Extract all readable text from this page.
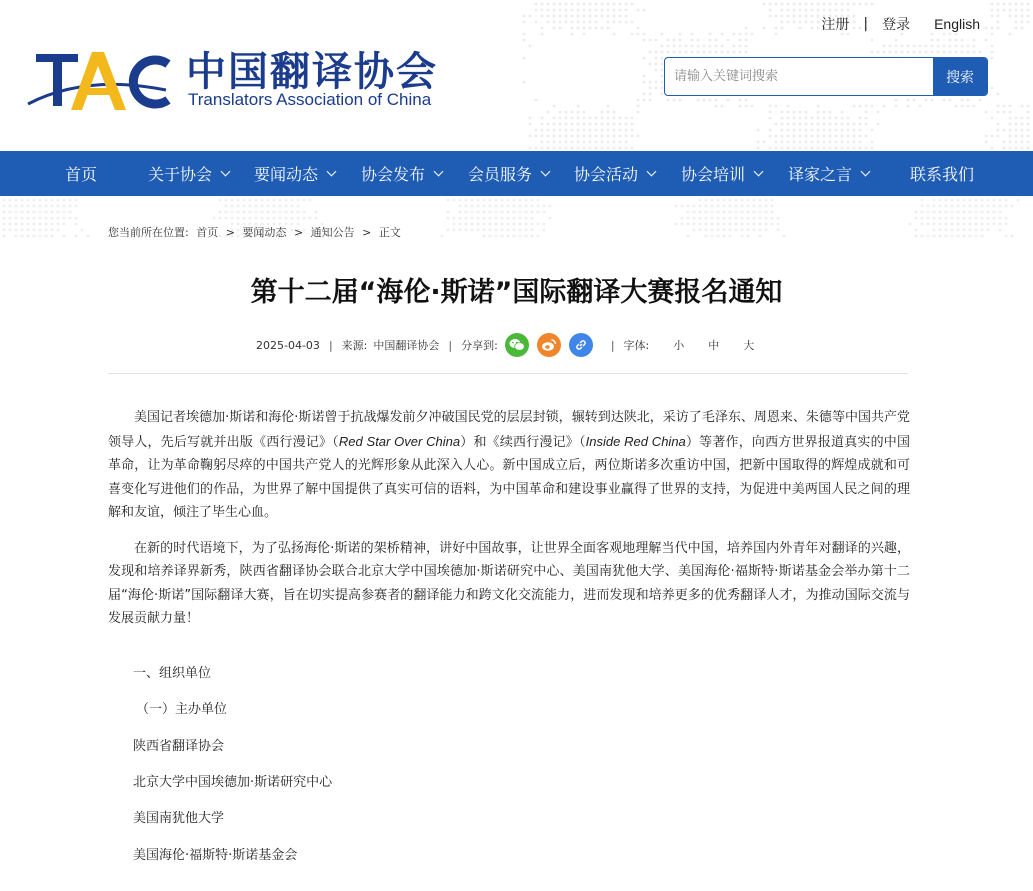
中国翻译协会
Translators Association of China
注册 | 登录 English
请输入关键词搜索
搜索
首页	关于协会	要闻动态	协会发布	会员服务	协会活动	协会培训	译家之言	联系我们
您当前所在位置: 首页 > 要闻动态 > 通知公告 > 正文
第十二届“海伦·斯诺”国际翻译大赛报名通知
2025-04-03 | 来源: 中国翻译协会 | 分享到:	| 字体: 小 中 大

美国记者埃德加·斯诺和海伦·斯诺曾于抗战爆发前夕冲破国民党的层层封锁，辗转到达陕北，采访了毛泽东、周恩来、朱德等中国共产党领导人，先后写就并出版《西行漫记》（Red Star Over China）和《续西行漫记》（Inside Red China）等著作，向西方世界报道真实的中国革命，让为革命鞠躬尽瘁的中国共产党人的光辉形象从此深入人心。新中国成立后，两位斯诺多次重访中国，把新中国取得的辉煌成就和可喜变化写进他们的作品，为世界了解中国提供了真实可信的语料，为中国革命和建设事业赢得了世界的支持，为促进中美两国人民之间的理解和友谊，倾注了毕生心血。

在新的时代语境下，为了弘扬海伦·斯诺的架桥精神，讲好中国故事，让世界全面客观地理解当代中国，培养国内外青年对翻译的兴趣，发现和培养译界新秀，陕西省翻译协会联合北京大学中国埃德加·斯诺研究中心、美国南犹他大学、美国海伦·福斯特·斯诺基金会举办第十二届“海伦·斯诺”国际翻译大赛，旨在切实提高参赛者的翻译能力和跨文化交流能力，进而发现和培养更多的优秀翻译人才，为推动国际交流与发展贡献力量！

一、组织单位
（一）主办单位
陕西省翻译协会
北京大学中国埃德加·斯诺研究中心
美国南犹他大学
美国海伦·福斯特·斯诺基金会
